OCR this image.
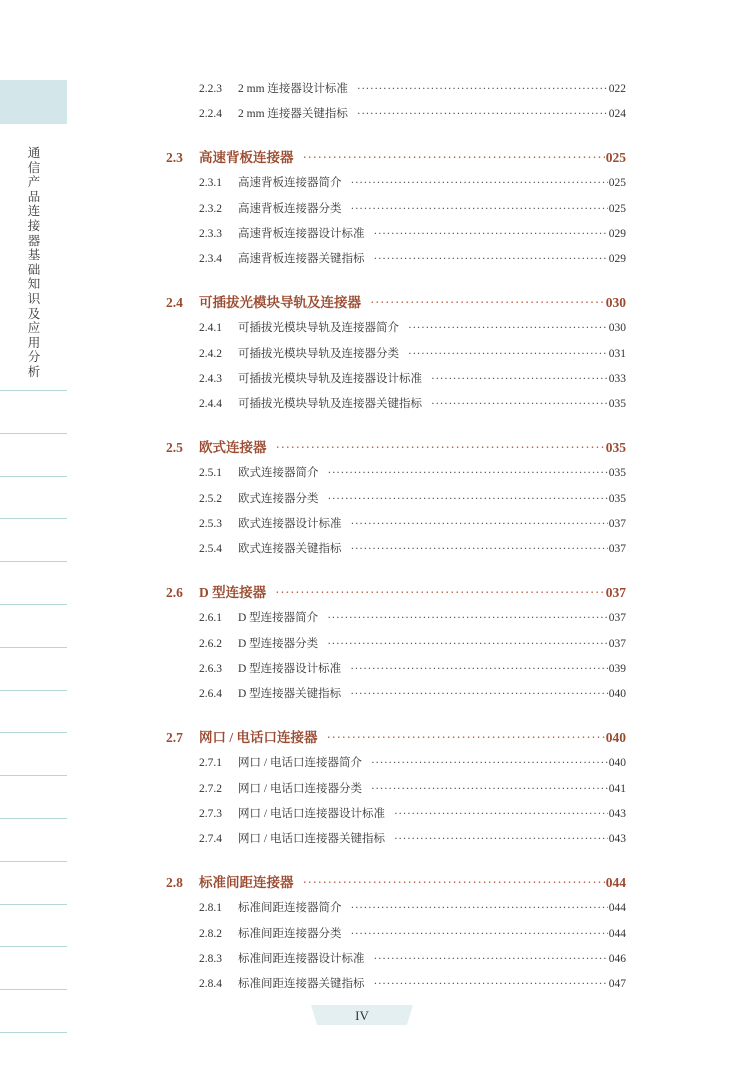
通信产品连接器基础知识及应用分析
2.2.3	2 mm 连接器设计标准 ·····	022
2.2.4	2 mm 连接器关键指标 ·····	024
2.3	高速背板连接器 ·····	025
2.3.1	高速背板连接器简介 ·····	025
2.3.2	高速背板连接器分类 ·····	025
2.3.3	高速背板连接器设计标准 ·····	029
2.3.4	高速背板连接器关键指标 ·····	029
2.4	可插拔光模块导轨及连接器 ·····	030
2.4.1	可插拔光模块导轨及连接器简介 ·····	030
2.4.2	可插拔光模块导轨及连接器分类 ·····	031
2.4.3	可插拔光模块导轨及连接器设计标准 ·····	033
2.4.4	可插拔光模块导轨及连接器关键指标 ·····	035
2.5	欧式连接器 ·····	035
2.5.1	欧式连接器简介 ·····	035
2.5.2	欧式连接器分类 ·····	035
2.5.3	欧式连接器设计标准 ·····	037
2.5.4	欧式连接器关键指标 ·····	037
2.6	D 型连接器 ·····	037
2.6.1	D 型连接器简介 ·····	037
2.6.2	D 型连接器分类 ·····	037
2.6.3	D 型连接器设计标准 ·····	039
2.6.4	D 型连接器关键指标 ·····	040
2.7	网口 / 电话口连接器 ·····	040
2.7.1	网口 / 电话口连接器简介 ·····	040
2.7.2	网口 / 电话口连接器分类 ·····	041
2.7.3	网口 / 电话口连接器设计标准 ·····	043
2.7.4	网口 / 电话口连接器关键指标 ·····	043
2.8	标准间距连接器 ·····	044
2.8.1	标准间距连接器简介 ·····	044
2.8.2	标准间距连接器分类 ·····	044
2.8.3	标准间距连接器设计标准 ·····	046
2.8.4	标准间距连接器关键指标 ·····	047
IV
